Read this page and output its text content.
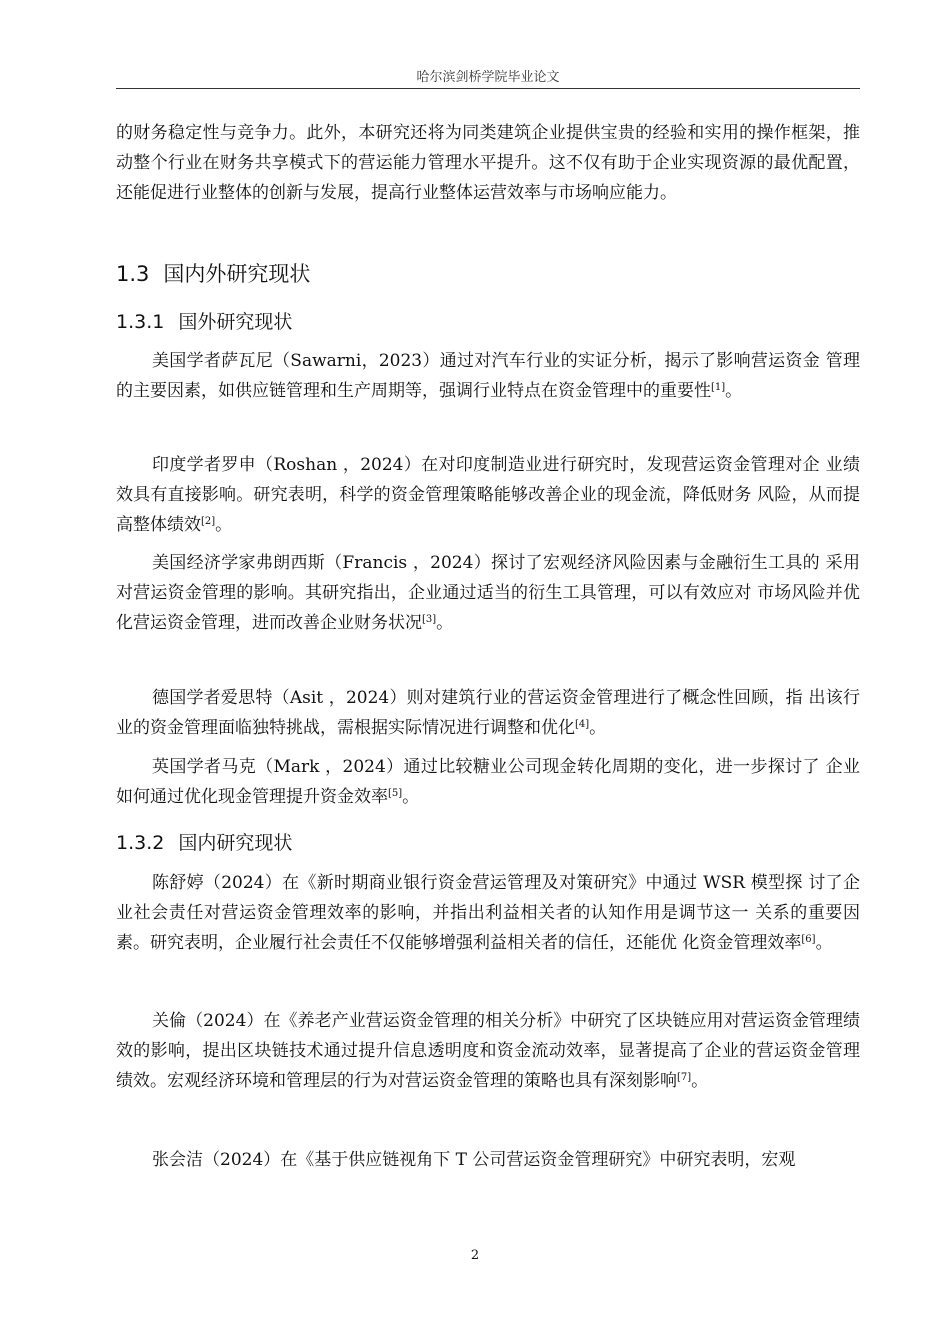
哈尔滨剑桥学院毕业论文

的财务稳定性与竞争力。此外，本研究还将为同类建筑企业提供宝贵的经验和实用的操作框架，推动整个行业在财务共享模式下的营运能力管理水平提升。这不仅有助于企业实现资源的最优配置，还能促进行业整体的创新与发展，提高行业整体运营效率与市场响应能力。

1.3 国内外研究现状
1.3.1 国外研究现状

美国学者萨瓦尼（Sawarni，2023）通过对汽车行业的实证分析，揭示了影响营运资金 管理的主要因素，如供应链管理和生产周期等，强调行业特点在资金管理中的重要性[1]。

印度学者罗申（Roshan ，2024）在对印度制造业进行研究时，发现营运资金管理对企 业绩效具有直接影响。研究表明，科学的资金管理策略能够改善企业的现金流，降低财务 风险，从而提高整体绩效[2]。

美国经济学家弗朗西斯（Francis ，2024）探讨了宏观经济风险因素与金融衍生工具的 采用对营运资金管理的影响。其研究指出，企业通过适当的衍生工具管理，可以有效应对 市场风险并优化营运资金管理，进而改善企业财务状况[3]。

德国学者爱思特（Asit ，2024）则对建筑行业的营运资金管理进行了概念性回顾，指 出该行业的资金管理面临独特挑战，需根据实际情况进行调整和优化[4]。

英国学者马克（Mark ，2024）通过比较糖业公司现金转化周期的变化，进一步探讨了 企业如何通过优化现金管理提升资金效率[5]。

1.3.2 国内研究现状

陈舒婷（2024）在《新时期商业银行资金营运管理及对策研究》中通过 WSR 模型探 讨了企业社会责任对营运资金管理效率的影响，并指出利益相关者的认知作用是调节这一 关系的重要因素。研究表明，企业履行社会责任不仅能够增强利益相关者的信任，还能优 化资金管理效率[6]。

关倫（2024）在《养老产业营运资金管理的相关分析》中研究了区块链应用对营运资金管理绩效的影响，提出区块链技术通过提升信息透明度和资金流动效率，显著提高了企业的营运资金管理绩效。宏观经济环境和管理层的行为对营运资金管理的策略也具有深刻影响[7]。

张会洁（2024）在《基于供应链视角下 T 公司营运资金管理研究》中研究表明，宏观

2
